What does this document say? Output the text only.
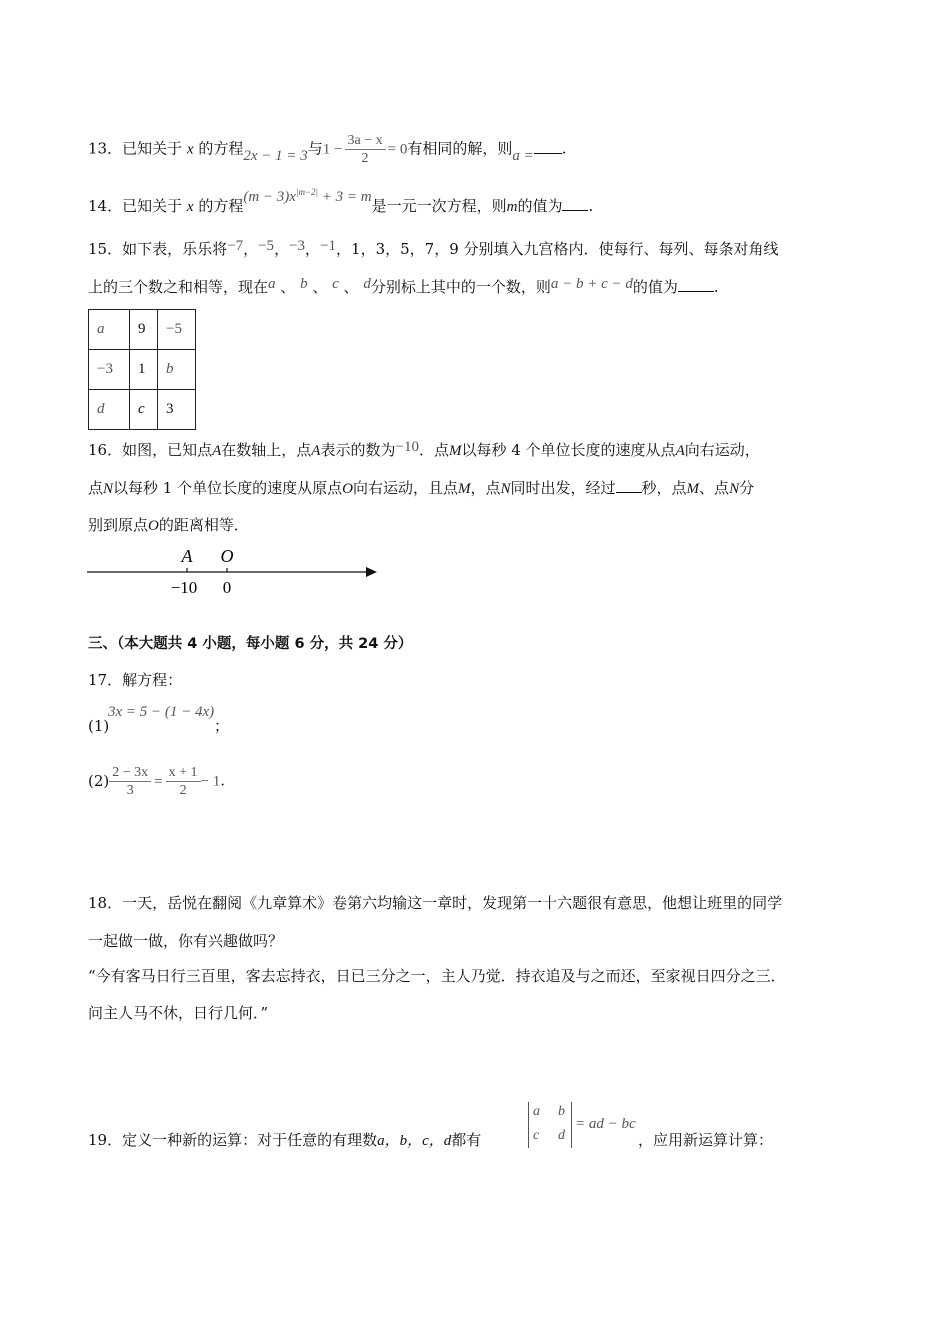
13．已知关于 x 的方程2x − 1 = 3与$1 - \frac{3a - x}{2} = 0$有相同的解，则a = .
14．已知关于 x 的方程$(m - 3)x^{|m-2|} + 3 = m$是一元一次方程，则m的值为 .
15．如下表，乐乐将−7，−5，−3，−1，1，3，5，7，9 分别填入九宫格内．使每行、每列、每条对角线
上的三个数之和相等，现在a 、 b 、 c 、 d分别标上其中的一个数，则a − b + c − d的值为 .
a	9	−5
−3	1	b
d	c	3
16．如图，已知点A在数轴上，点A表示的数为−10．点M以每秒 4 个单位长度的速度从点A向右运动，
点N以每秒 1 个单位长度的速度从原点O向右运动，且点M，点N同时出发，经过 秒，点M、点N分
别到原点O的距离相等．
A O
−10 0
三、（本大题共 4 小题，每小题 6 分，共 24 分）
17．解方程：
(1)
3x = 5 − (1 − 4x)
；
$(2) \frac{2 - 3x}{3} = \frac{x + 1}{2} - 1$.
18．一天，岳悦在翻阅《九章算术》卷第六均输这一章时，发现第一十六题很有意思，他想让班里的同学
一起做一做，你有兴趣做吗？
“今有客马日行三百里，客去忘持衣，日已三分之一，主人乃觉．持衣追及与之而还，至家视日四分之三．
问主人马不休，日行几何．”
19．定义一种新的运算：对于任意的有理数a，b，c，d都有
a b
c d
= ad − bc
，应用新运算计算：
